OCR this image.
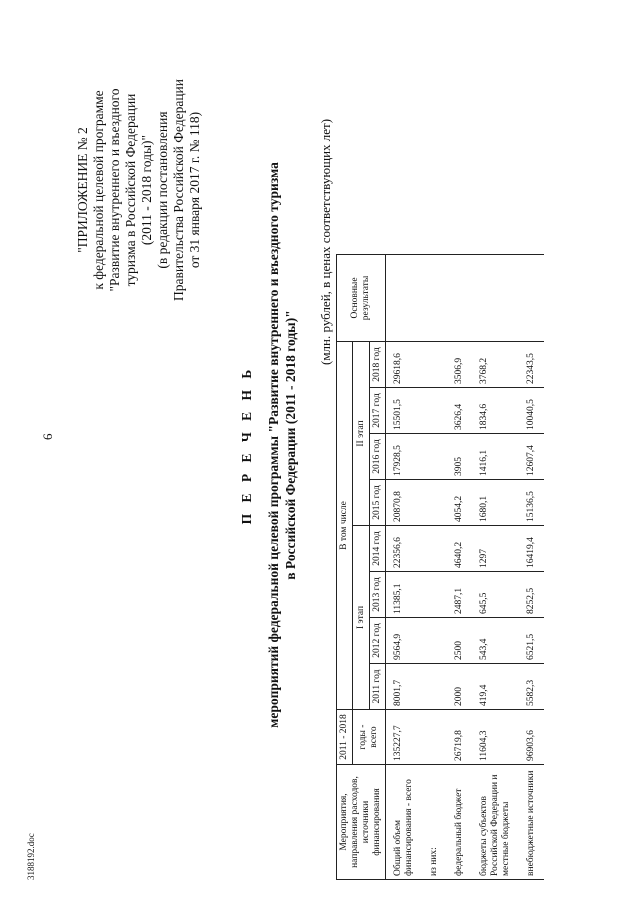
6
3188192.doc
"ПРИЛОЖЕНИЕ № 2 к федеральной целевой программе "Развитие внутреннего и въездного туризма в Российской Федерации (2011 - 2018 годы)" (в редакции постановления Правительства Российской Федерации от 31 января 2017 г. № 118)
П Е Р Е Ч Е Н Ь мероприятий федеральной целевой программы "Развитие внутреннего и въездного туризма в Российской Федерации (2011 - 2018 годы)"
(млн. рублей, в ценах соответствующих лет)
Мероприятия, направления расходов, источники финансирования	2011 - 2018	В том числе								Основные результаты
	годы - всего	I этап				II этап				
		2011 год	2012 год	2013 год	2014 год	2015 год	2016 год	2017 год	2018 год	
Общий объем финансирования - всего	135227,7	8001,7	9564,9	11385,1	22356,6	20870,8	17928,5	15501,5	29618,6	
из них:										
федеральный бюджет	26719,8	2000	2500	2487,1	4640,2	4054,2	3905	3626,4	3506,9	
бюджеты субъектов Российской Федерации и местные бюджеты	11604,3	419,4	543,4	645,5	1297	1680,1	1416,1	1834,6	3768,2	
внебюджетные источники	96903,6	5582,3	6521,5	8252,5	16419,4	15136,5	12607,4	10040,5	22343,5	
